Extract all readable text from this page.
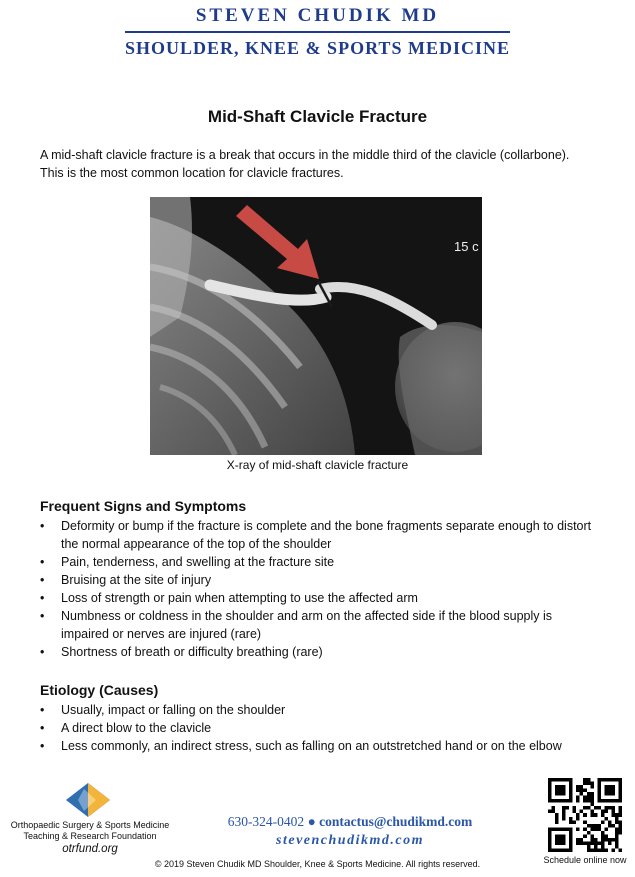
STEVEN CHUDIK MD
SHOULDER, KNEE & SPORTS MEDICINE
Mid-Shaft Clavicle Fracture
A mid-shaft clavicle fracture is a break that occurs in the middle third of the clavicle (collarbone). This is the most common location for clavicle fractures.
15 c
X-ray of mid-shaft clavicle fracture
Frequent Signs and Symptoms
• Deformity or bump if the fracture is complete and the bone fragments separate enough to distort the normal appearance of the top of the shoulder
• Pain, tenderness, and swelling at the fracture site
• Bruising at the site of injury
• Loss of strength or pain when attempting to use the affected arm
• Numbness or coldness in the shoulder and arm on the affected side if the blood supply is impaired or nerves are injured (rare)
• Shortness of breath or difficulty breathing (rare)
Etiology (Causes)
• Usually, impact or falling on the shoulder
• A direct blow to the clavicle
• Less commonly, an indirect stress, such as falling on an outstretched hand or on the elbow
Orthopaedic Surgery & Sports Medicine
Teaching & Research Foundation
otrfund.org
630-324-0402 ● contactus@chudikmd.com
stevenchudikmd.com
© 2019 Steven Chudik MD Shoulder, Knee & Sports Medicine. All rights reserved.	Schedule online now
